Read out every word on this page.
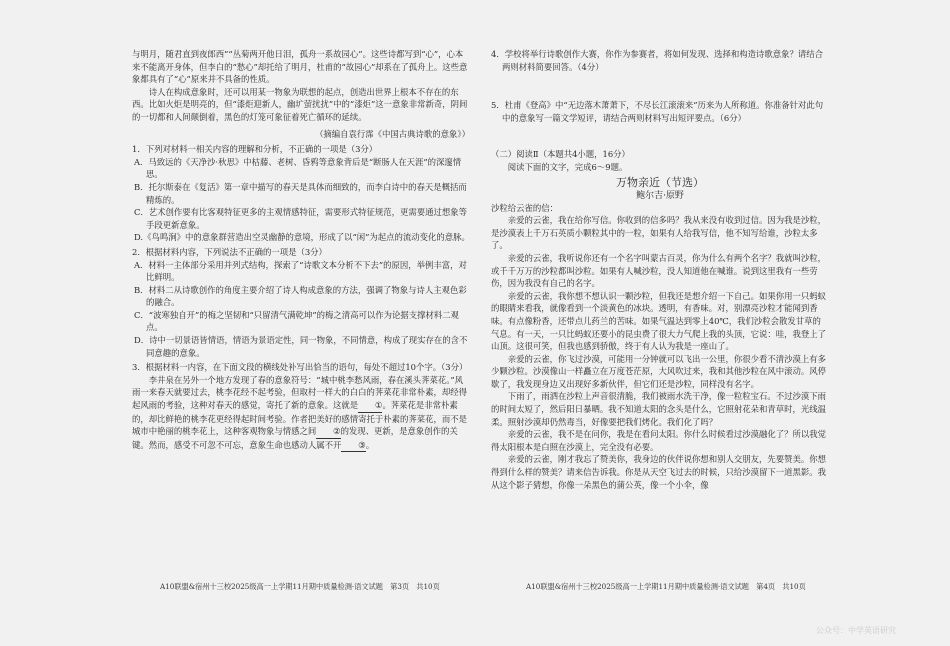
与明月，随君直到夜郎西”“丛菊两开他日泪，孤舟一系故园心”。这些诗都写到“心”，心本来不能离开身体，但李白的“愁心”却托给了明月，杜甫的“故园心”却系在了孤舟上。这些意象都具有了“心”原来并不具备的性质。

诗人在构成意象时，还可以用某一物象为联想的起点，创造出世界上根本不存在的东西。比如火炬是明亮的，但“漆炬迎新人，幽圹萤扰扰”中的“漆炬”这一意象非常新奇，阴间的一切都和人间颠倒着，黑色的灯笼可象征着死亡循环的延续。

（摘编自袁行霈《中国古典诗歌的意象》）

1．下列对材料一相关内容的理解和分析，不正确的一项是（3分）

A．马致远的《天净沙·秋思》中枯藤、老树、昏鸦等意象背后是“断肠人在天涯”的深邃情思。

B．托尔斯泰在《复活》第一章中描写的春天是具体而细致的，而李白诗中的春天是概括而精炼的。

C．艺术创作要有比客观特征更多的主观情感特征，需要形式特征规范，更需要通过想象等手段更新意象。

D.《鸟鸣涧》中的意象群营造出空灵幽静的意境，形成了以“闲”为起点的流动变化的意脉。

2．根据材料内容，下列说法不正确的一项是（3分）

A．材料一主体部分采用并列式结构，探索了“诗歌文本分析不下去”的原因，举例丰富，对比鲜明。

B．材料二从诗歌创作的角度主要介绍了诗人构成意象的方法，强调了物象与诗人主观色彩的融合。

C．“波寒独自开”的梅之坚韧和“只留清气满乾坤”的梅之清高可以作为论据支撑材料二观点。

D．诗中一切景语皆情语，情语为景语定性，同一物象，不同情意，构成了现实存在的含不同意趣的意象。

3．根据材料一内容，在下面文段的横线处补写出恰当的语句，每处不超过10个字。（3分）

李井泉在另外一个地方发现了春的意象符号：“城中桃李愁风雨，春在溪头荠菜花。”风雨一来春天就要过去，桃李花经不起考验，但取村一样大的白白的荠菜花非常朴素，却经得起风雨的考验，这种对春天的感觉，寄托了新的意象。这就是 ①。荠菜花是非常朴素的，却比鲜艳的桃李花更经得起时间考验。作者把美好的感情寄托于朴素的荠菜花，而不是城市中艳丽的桃李花上，这种客观物象与情感之间 ②的发现、更新，是意象创作的关键。然而，感受不可忽不可忘，意象生命也感动人属不开 ③。

4．学校将举行诗歌创作大赛，你作为参赛者，将如何发现、选择和构造诗歌意象？请结合两则材料简要回答。（4分）

5．杜甫《登高》中“无边落木萧萧下，不尽长江滚滚来”历来为人所称道。你准备针对此句中的意象写一篇文学短评，请结合两则材料写出短评要点。（6分）

（二）阅读Ⅱ（本题共4小题，16分）

阅读下面的文字，完成6～9题。

万物亲近（节选）

鲍尔吉·原野

沙粒给云雀的信：

亲爱的云雀，我在给你写信。你收到的信多吗？我从来没有收到过信。因为我是沙粒，是沙漠表上千万石英质小颗粒其中的一粒，如果有人给我写信，他不知写给谁，沙粒太多了。

亲爱的云雀，我听说你还有一个名字叫蒙古百灵，你为什么有两个名字？我就叫沙粒，或千千万万的沙粒都叫沙粒。如果有人喊沙粒，没人知道他在喊谁。说到这里我有一些劳伤，因为我没有自己的名字。

亲爱的云雀，我你想不想认识一颗沙粒，但我还是想介绍一下自己。如果你用一只蚂蚁的眼睛来看我，就像看到一个淡黄色的冰块。透明，有香味。对，别漂亮沙粒才能闻到香味。有点像粉香，还带点儿药兰的苦味。如果气温达到零上40℃，我们沙粒会散发甘草的气息。有一天，一只比蚂蚁还要小的昆虫费了很大力气爬上我的头顶，它说：哇，我登上了山顶。这很可笑，但我也感到骄傲，终于有人认为我是一座山了。

亲爱的云雀，你飞过沙漠，可能用一分钟就可以飞出一公里，你很少看不清沙漠上有多少颗沙粒。沙漠像山一样矗立在万度苍茫原，大风吹过来，我和其他沙粒在风中滚动。风停歇了，我发现身边又出现好多新伙伴，但它们还是沙粒，同样没有名字。

下雨了，雨洒在沙粒上声音很清脆，我们被雨水洗干净，像一粒粒宝石。不过沙漠下雨的时间太短了，然后阳日暴晒。我不知道太阳的念头是什么，它照射花朵和青草时，光线温柔。照射沙漠却仍然毒当，好像要把我们烤化。我们化了吗？

亲爱的云雀，我不是在问你，我是在看问太阳。你什么时候看过沙漠融化了？所以我觉得太阳根本是白照在沙漠上，完全没有必要。

亲爱的云雀，刚才我忘了赞美你，我身边的伙伴说你想和别人交朋友，先要赞美。你想得到什么样的赞美？请来信告诉我。你是从天空飞过去的时候，只给沙漠留下一道黑影。我从这个影子猜想，你像一朵黑色的蒲公英，像一个小伞，像

A10联盟&宿州十三校2025级高一上学期11月期中质量检测·语文试题　第3页　共10页	A10联盟&宿州十三校2025级高一上学期11月期中质量检测·语文试题　第4页　共10页
公众号：中学英语研究
